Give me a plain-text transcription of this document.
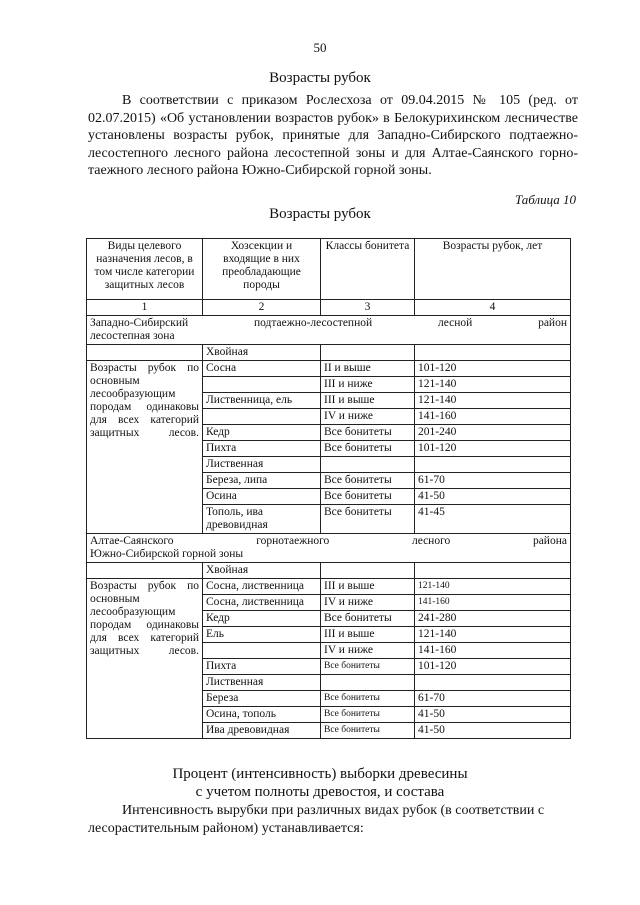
50
Возрасты рубок
В соответствии с приказом Рослесхоза от 09.04.2015 № 105 (ред. от 02.07.2015) «Об установлении возрастов рубок» в Белокурихинском лесничестве установлены возрасты рубок, принятые для Западно-Сибирского подтаежно-лесостепного лесного района лесостепной зоны и для Алтае-Саянского горно-таежного лесного района Южно-Сибирской горной зоны.
Таблица 10
Возрасты рубок
Виды целевого назначения лесов, в том числе категории защитных лесов	Хозсекции и входящие в них преобладающие породы	Классы бонитета	Возрасты рубок, лет
1	2	3	4

Западно-Сибирский подтаежно-лесостепной лесной район
лесостепная зона			

	Хвойная		
Возрасты рубок по основным лесообразующим породам одинаковы для всех категорий защитных лесов.	Сосна	II и выше	101-120
		III и ниже	121-140
	Лиственница, ель	III и выше	121-140
		IV и ниже	141-160
	Кедр	Все бонитеты	201-240
	Пихта	Все бонитеты	101-120
	Лиственная		
	Береза, липа	Все бонитеты	61-70
	Осина	Все бонитеты	41-50
	Тополь, ива древовидная	Все бонитеты	41-45

Алтае-Саянского горнотаежного лесного района
Южно-Сибирской горной зоны			

	Хвойная		
Возрасты рубок по основным лесообразующим породам одинаковы для всех категорий защитных лесов.	Сосна, лиственница	III и выше	121-140
	Сосна, лиственница	IV и ниже	141-160
	Кедр	Все бонитеты	241-280
	Ель	III и выше	121-140
		IV и ниже	141-160
	Пихта	Все бонитеты	101-120
	Лиственная		
	Береза	Все бонитеты	61-70
	Осина, тополь	Все бонитеты	41-50
	Ива древовидная	Все бонитеты	41-50
Процент (интенсивность) выборки древесины
с учетом полноты древостоя, и состава
Интенсивность вырубки при различных видах рубок (в соответствии с лесорастительным районом) устанавливается:
